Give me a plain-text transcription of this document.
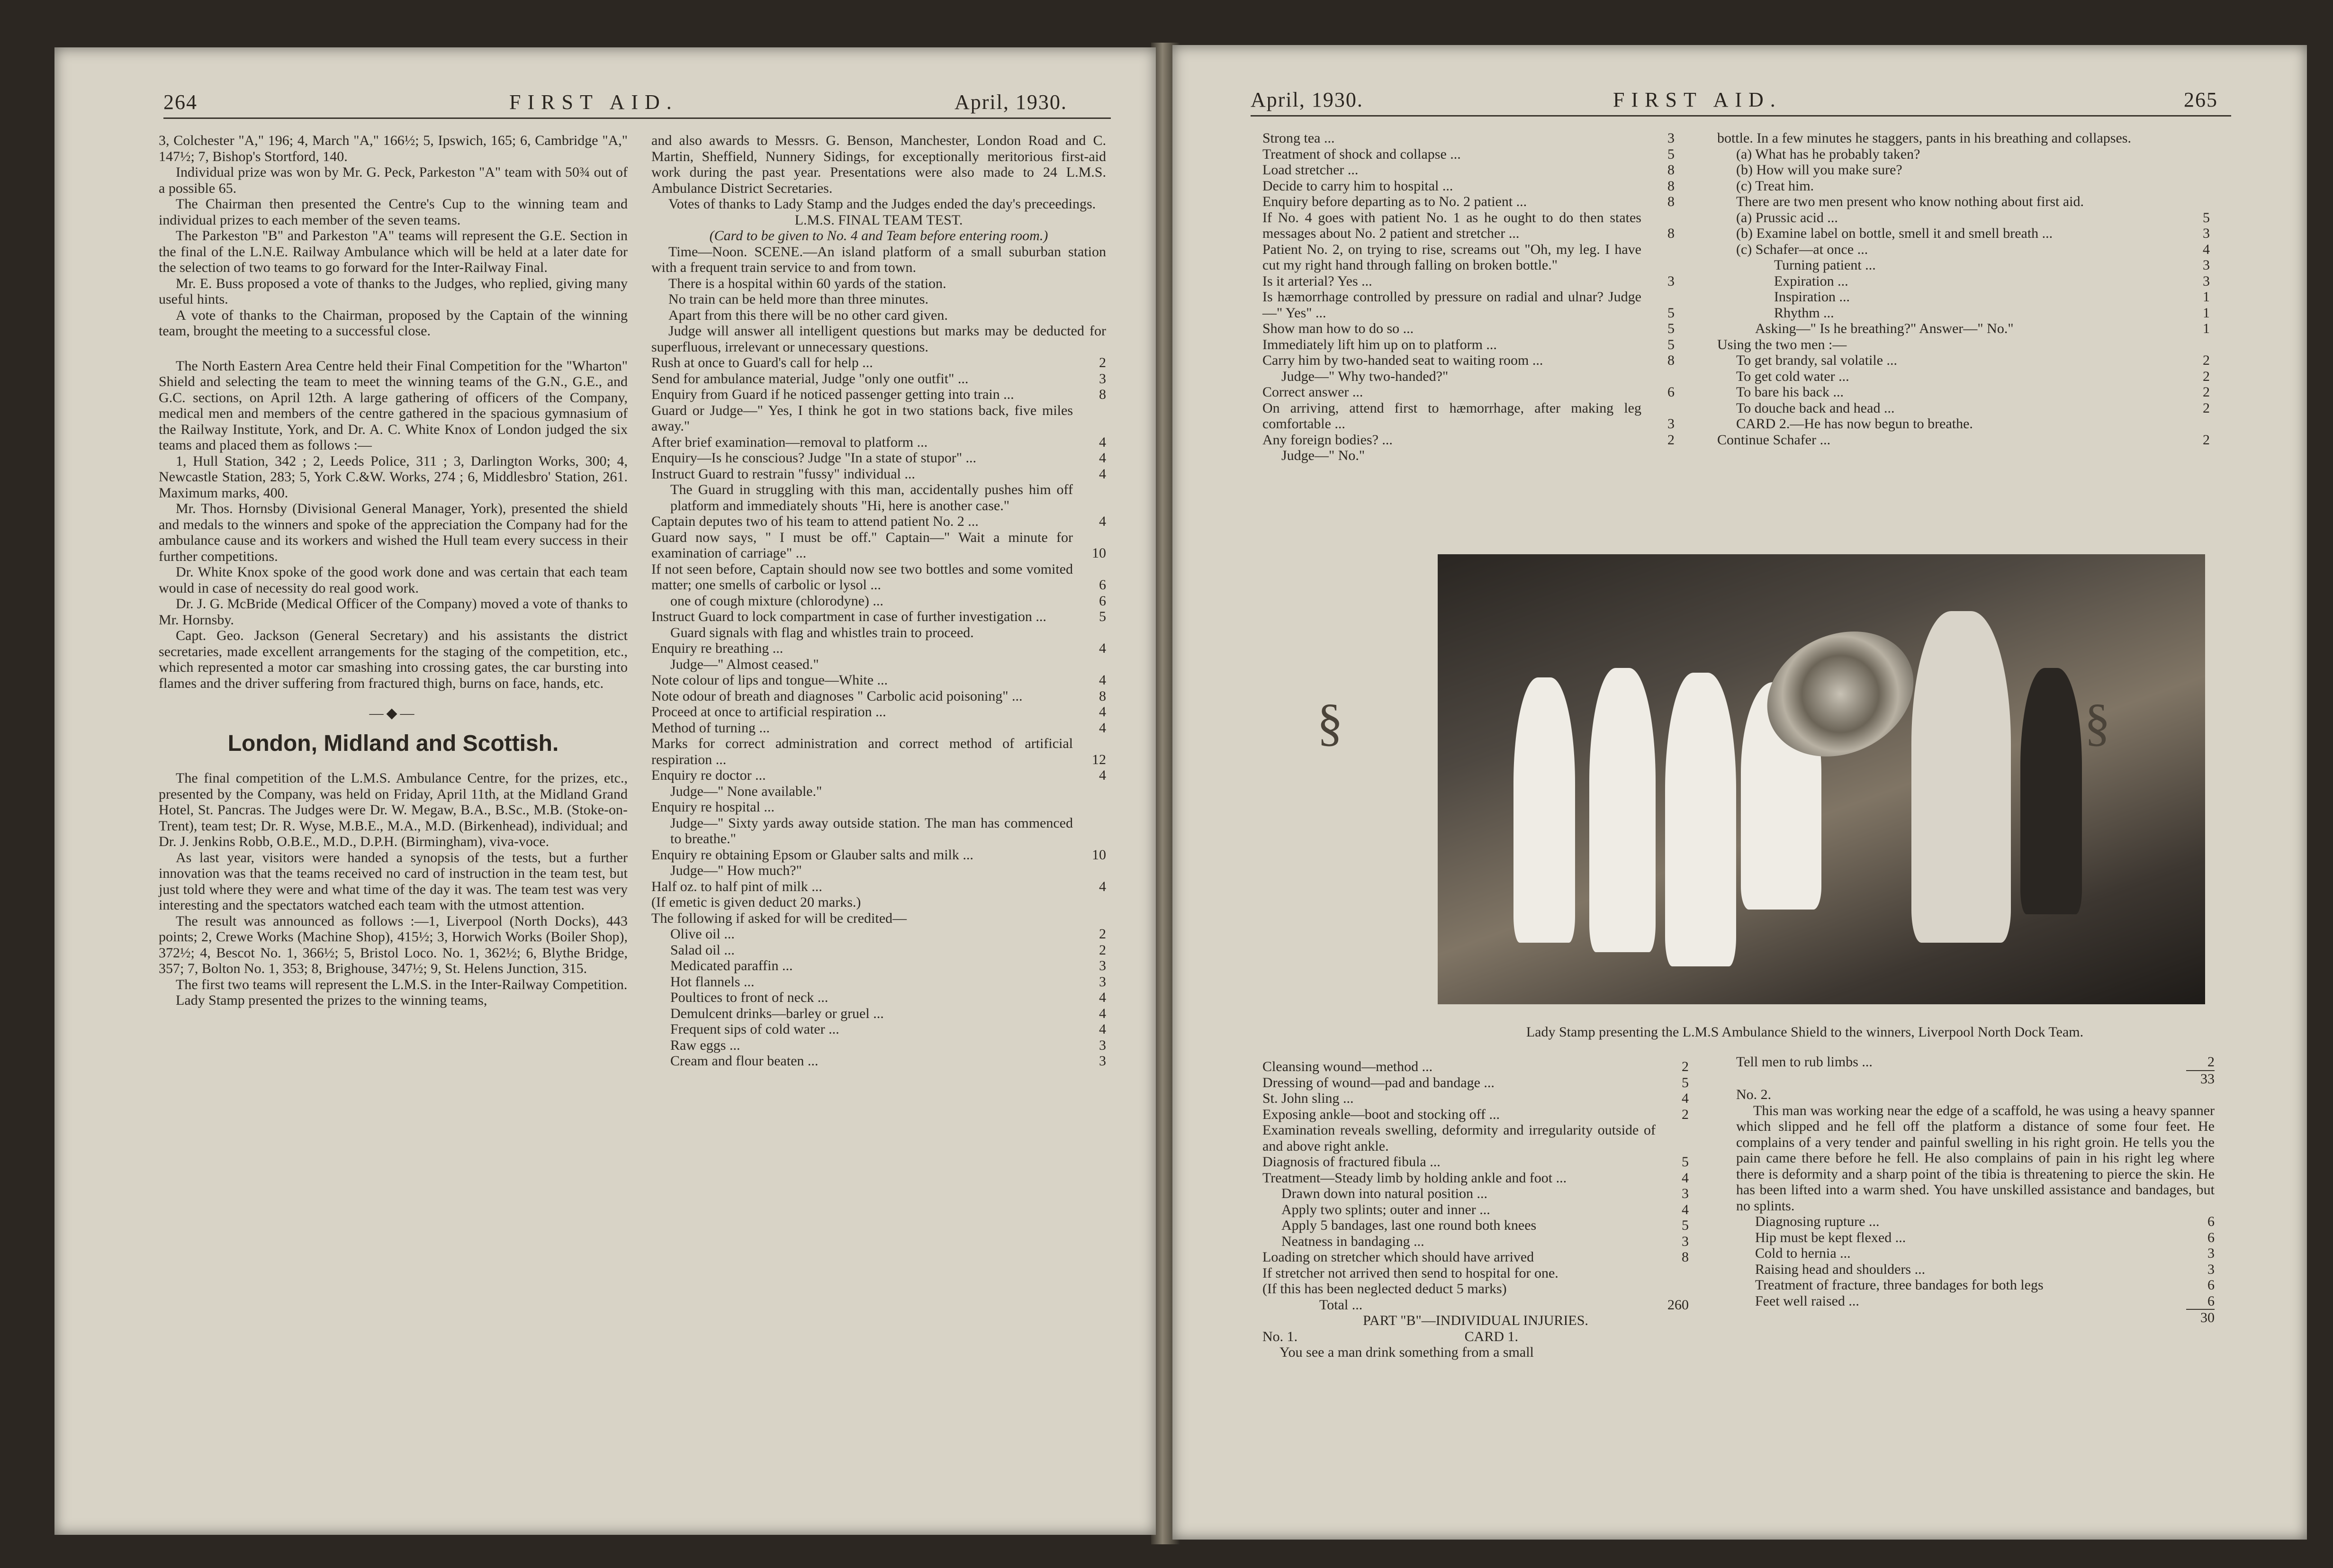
264	FIRST AID.	April, 1930.

3, Colchester "A," 196; 4, March "A," 166½; 5, Ipswich, 165; 6, Cambridge "A," 147½; 7, Bishop's Stortford, 140.

Individual prize was won by Mr. G. Peck, Parkeston "A" team with 50¾ out of a possible 65.

The Chairman then presented the Centre's Cup to the winning team and individual prizes to each member of the seven teams.

The Parkeston "B" and Parkeston "A" teams will represent the G.E. Section in the final of the L.N.E. Railway Ambulance which will be held at a later date for the selection of two teams to go forward for the Inter-Railway Final.

Mr. E. Buss proposed a vote of thanks to the Judges, who replied, giving many useful hints.

A vote of thanks to the Chairman, proposed by the Captain of the winning team, brought the meeting to a successful close.

The North Eastern Area Centre held their Final Competition for the "Wharton" Shield and selecting the team to meet the winning teams of the G.N., G.E., and G.C. sections, on April 12th. A large gathering of officers of the Company, medical men and members of the centre gathered in the spacious gymnasium of the Railway Institute, York, and Dr. A. C. White Knox of London judged the six teams and placed them as follows :—

1, Hull Station, 342 ; 2, Leeds Police, 311 ; 3, Darlington Works, 300; 4, Newcastle Station, 283; 5, York C.&W. Works, 274 ; 6, Middlesbro' Station, 261. Maximum marks, 400.

Mr. Thos. Hornsby (Divisional General Manager, York), presented the shield and medals to the winners and spoke of the appreciation the Company had for the ambulance cause and its workers and wished the Hull team every success in their further competitions.

Dr. White Knox spoke of the good work done and was certain that each team would in case of necessity do real good work.

Dr. J. G. McBride (Medical Officer of the Company) moved a vote of thanks to Mr. Hornsby.

Capt. Geo. Jackson (General Secretary) and his assistants the district secretaries, made excellent arrangements for the staging of the competition, etc., which represented a motor car smashing into crossing gates, the car bursting into flames and the driver suffering from fractured thigh, burns on face, hands, etc.

—◆—
London, Midland and Scottish.

The final competition of the L.M.S. Ambulance Centre, for the prizes, etc., presented by the Company, was held on Friday, April 11th, at the Midland Grand Hotel, St. Pancras. The Judges were Dr. W. Megaw, B.A., B.Sc., M.B. (Stoke-on-Trent), team test; Dr. R. Wyse, M.B.E., M.A., M.D. (Birkenhead), individual; and Dr. J. Jenkins Robb, O.B.E., M.D., D.P.H. (Birmingham), viva-voce.

As last year, visitors were handed a synopsis of the tests, but a further innovation was that the teams received no card of instruction in the team test, but just told where they were and what time of the day it was. The team test was very interesting and the spectators watched each team with the utmost attention.

The result was announced as follows :—1, Liverpool (North Docks), 443 points; 2, Crewe Works (Machine Shop), 415½; 3, Horwich Works (Boiler Shop), 372½; 4, Bescot No. 1, 366½; 5, Bristol Loco. No. 1, 362½; 6, Blythe Bridge, 357; 7, Bolton No. 1, 353; 8, Brighouse, 347½; 9, St. Helens Junction, 315.

The first two teams will represent the L.M.S. in the Inter-Railway Competition.

Lady Stamp presented the prizes to the winning teams,

and also awards to Messrs. G. Benson, Manchester, London Road and C. Martin, Sheffield, Nunnery Sidings, for exceptionally meritorious first-aid work during the past year. Presentations were also made to 24 L.M.S. Ambulance District Secretaries.

Votes of thanks to Lady Stamp and the Judges ended the day's preceedings.

L.M.S. FINAL TEAM TEST.

(Card to be given to No. 4 and Team before entering room.)

Time—Noon. SCENE.—An island platform of a small suburban station with a frequent train service to and from town.

There is a hospital within 60 yards of the station.

No train can be held more than three minutes.

Apart from this there will be no other card given.

Judge will answer all intelligent questions but marks may be deducted for superfluous, irrelevant or unnecessary questions.

Rush at once to Guard's call for help ...	2
Send for ambulance material, Judge "only one outfit" ...	3
Enquiry from Guard if he noticed passenger getting into train ...	8
Guard or Judge—" Yes, I think he got in two stations back, five miles away."
After brief examination—removal to platform ...	4
Enquiry—Is he conscious? Judge "In a state of stupor" ...	4
Instruct Guard to restrain "fussy" individual ...	4
The Guard in struggling with this man, accidentally pushes him off platform and immediately shouts "Hi, here is another case."
Captain deputes two of his team to attend patient No. 2 ...	4
Guard now says, " I must be off." Captain—" Wait a minute for examination of carriage" ...	10
If not seen before, Captain should now see two bottles and some vomited matter; one smells of carbolic or lysol ...	6
one of cough mixture (chlorodyne) ...	6
Instruct Guard to lock compartment in case of further investigation ...	5
Guard signals with flag and whistles train to proceed.
Enquiry re breathing ...	4
Judge—" Almost ceased."
Note colour of lips and tongue—White ...	4
Note odour of breath and diagnoses " Carbolic acid poisoning" ...	8
Proceed at once to artificial respiration ...	4
Method of turning ...	4
Marks for correct administration and correct method of artificial respiration ...	12
Enquiry re doctor ...	4
Judge—" None available."
Enquiry re hospital ...
Judge—" Sixty yards away outside station. The man has commenced to breathe."
Enquiry re obtaining Epsom or Glauber salts and milk ...	10
Judge—" How much?"
Half oz. to half pint of milk ...	4
(If emetic is given deduct 20 marks.)
The following if asked for will be credited—
Olive oil ...	2
Salad oil ...	2
Medicated paraffin ...	3
Hot flannels ...	3
Poultices to front of neck ...	4
Demulcent drinks—barley or gruel ...	4
Frequent sips of cold water ...	4
Raw eggs ...	3
Cream and flour beaten ...	3
April, 1930.	FIRST AID.	265
Strong tea ...	3
Treatment of shock and collapse ...	5
Load stretcher ...	8
Decide to carry him to hospital ...	8
Enquiry before departing as to No. 2 patient ...	8
If No. 4 goes with patient No. 1 as he ought to do then states messages about No. 2 patient and stretcher ...	8
Patient No. 2, on trying to rise, screams out "Oh, my leg. I have cut my right hand through falling on broken bottle."
Is it arterial? Yes ...	3
Is hæmorrhage controlled by pressure on radial and ulnar? Judge—" Yes" ...	5
Show man how to do so ...	5
Immediately lift him up on to platform ...	5
Carry him by two-handed seat to waiting room ...	8
Judge—" Why two-handed?"
Correct answer ...	6
On arriving, attend first to hæmorrhage, after making leg comfortable ...	3
Any foreign bodies? ...	2
Judge—" No."
bottle. In a few minutes he staggers, pants in his breathing and collapses.
(a) What has he probably taken?
(b) How will you make sure?
(c) Treat him.
There are two men present who know nothing about first aid.
(a) Prussic acid ...	5
(b) Examine label on bottle, smell it and smell breath ...	3
(c) Schafer—at once ...	4
Turning patient ...	3
Expiration ...	3
Inspiration ...	1
Rhythm ...	1
Asking—" Is he breathing?" Answer—" No."	1
Using the two men :—
To get brandy, sal volatile ...	2
To get cold water ...	2
To bare his back ...	2
To douche back and head ...	2
CARD 2.—He has now begun to breathe.
Continue Schafer ...	2
Cleansing wound—method ...	2
Dressing of wound—pad and bandage ...	5
St. John sling ...	4
Exposing ankle—boot and stocking off ...	2
Examination reveals swelling, deformity and irregularity outside of and above right ankle.
Diagnosis of fractured fibula ...	5
Treatment—Steady limb by holding ankle and foot ...	4
Drawn down into natural position ...	3
Apply two splints; outer and inner ...	4
Apply 5 bandages, last one round both knees	5
Neatness in bandaging ...	3
Loading on stretcher which should have arrived	8
If stretcher not arrived then send to hospital for one.
(If this has been neglected deduct 5 marks)
Total ...	260

PART "B"—INDIVIDUAL INJURIES.

No. 1.	CARD 1.

You see a man drink something from a small

Tell men to rub limbs ...	2
33
No. 2.

This man was working near the edge of a scaffold, he was using a heavy spanner which slipped and he fell off the platform a distance of some four feet. He complains of a very tender and painful swelling in his right groin. He tells you the pain came there before he fell. He also complains of pain in his right leg where there is deformity and a sharp point of the tibia is threatening to pierce the skin. He has been lifted into a warm shed. You have unskilled assistance and bandages, but no splints.

Diagnosing rupture ...	6
Hip must be kept flexed ...	6
Cold to hernia ...	3
Raising head and shoulders ...	3
Treatment of fracture, three bandages for both legs	6
Feet well raised ...	6
30
Lady Stamp presenting the L.M.S Ambulance Shield to the winners, Liverpool North Dock Team.
§	§
